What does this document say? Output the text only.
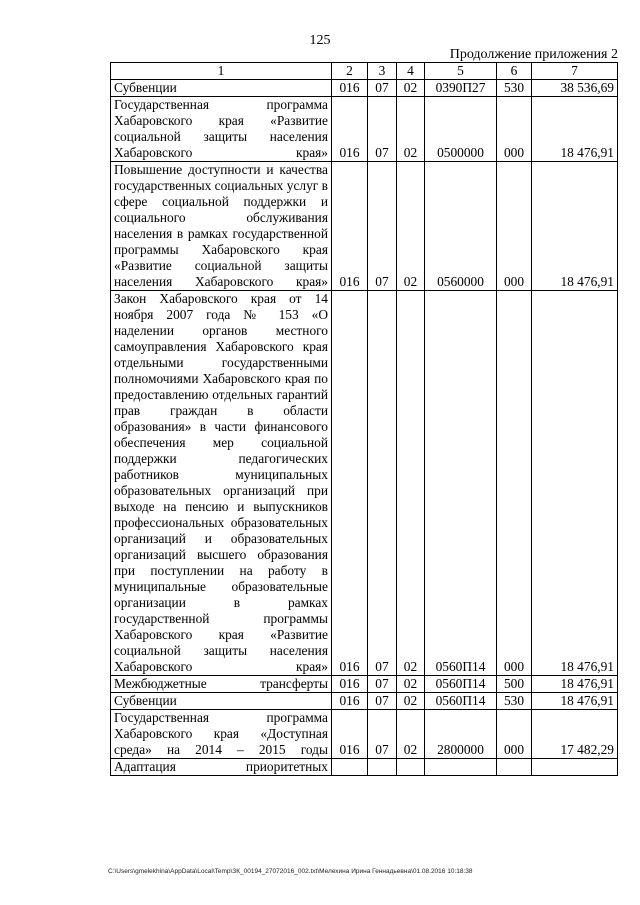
125
Продолжение приложения 2
1	2	3	4	5	6	7
Субвенции	016	07	02	0390П27	530	38 536,69
Государственная программа Хабаровского края «Развитие социальной защиты населения Хабаровского края»	016	07	02	0500000	000	18 476,91
Повышение доступности и качества государственных социальных услуг в сфере социальной поддержки и социального обслуживания населения в рамках государственной программы Хабаровского края «Развитие социальной защиты населения Хабаровского края»	016	07	02	0560000	000	18 476,91
Закон Хабаровского края от 14 ноября 2007 года № 153 «О наделении органов местного самоуправления Хабаровского края отдельными государственными полномочиями Хабаровского края по предоставлению отдельных гарантий прав граждан в области образования» в части финансового обеспечения мер социальной поддержки педагогических работников муниципальных образовательных организаций при выходе на пенсию и выпускников профессиональных образовательных организаций и образовательных организаций высшего образования при поступлении на работу в муниципальные образовательные организации в рамках государственной программы Хабаровского края «Развитие социальной защиты населения Хабаровского края»	016	07	02	0560П14	000	18 476,91
Межбюджетные трансферты	016	07	02	0560П14	500	18 476,91
Субвенции	016	07	02	0560П14	530	18 476,91
Государственная программа Хабаровского края «Доступная среда» на 2014 – 2015 годы	016	07	02	2800000	000	17 482,29
Адаптация приоритетных						
C:\Users\gmelekhina\AppData\Local\Temp\ЗК_00194_27072016_002.txt\Мелехина Ирина Геннадьевна\01.08.2016 10:18:38
